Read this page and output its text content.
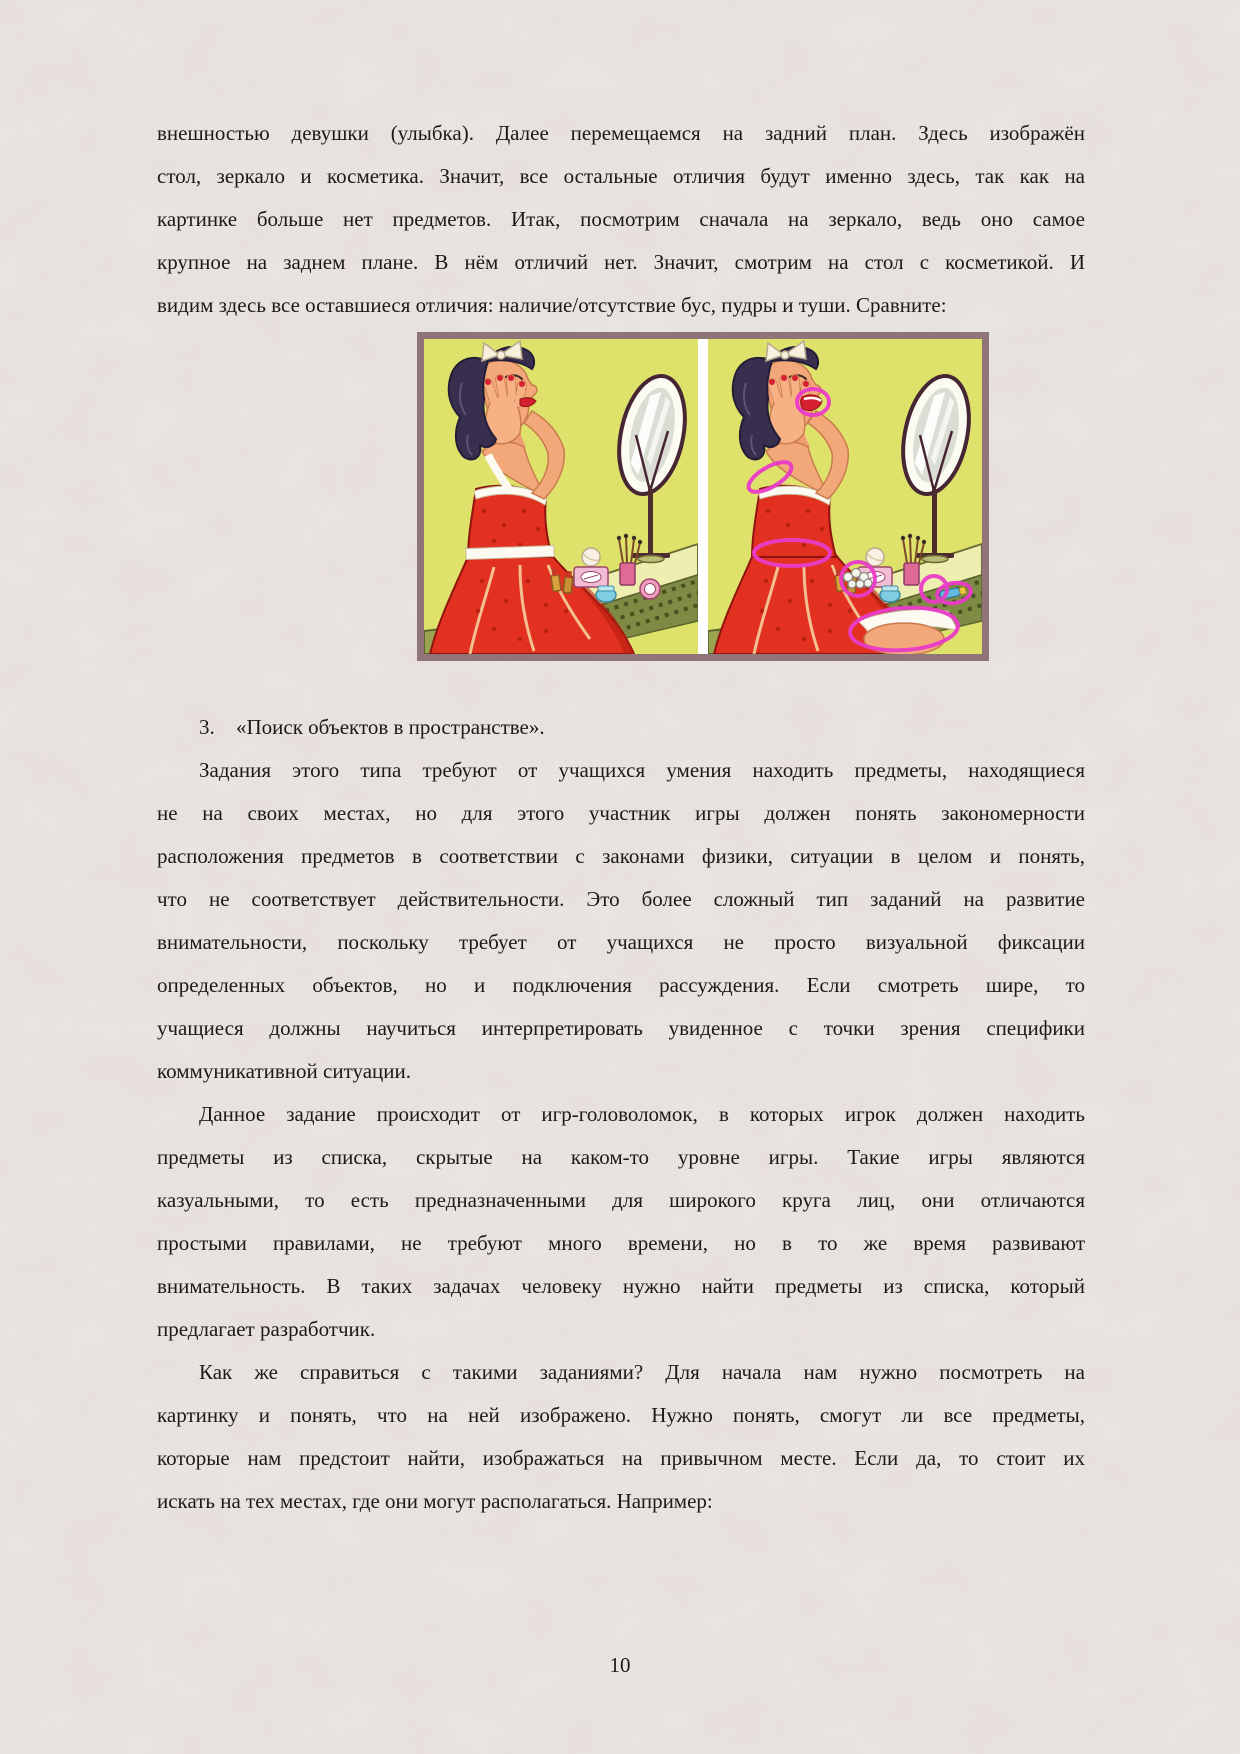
внешностью девушки (улыбка). Далее перемещаемся на задний план. Здесь изображён
стол, зеркало и косметика. Значит, все остальные отличия будут именно здесь, так как на
картинке больше нет предметов. Итак, посмотрим сначала на зеркало, ведь оно самое
крупное на заднем плане. В нём отличий нет. Значит, смотрим на стол с косметикой. И
видим здесь все оставшиеся отличия: наличие/отсутствие бус, пудры и туши. Сравните:
3. «Поиск объектов в пространстве».
Задания этого типа требуют от учащихся умения находить предметы, находящиеся
не на своих местах, но для этого участник игры должен понять закономерности
расположения предметов в соответствии с законами физики, ситуации в целом и понять,
что не соответствует действительности. Это более сложный тип заданий на развитие
внимательности, поскольку требует от учащихся не просто визуальной фиксации
определенных объектов, но и подключения рассуждения. Если смотреть шире, то
учащиеся должны научиться интерпретировать увиденное с точки зрения специфики
коммуникативной ситуации.
Данное задание происходит от игр-головоломок, в которых игрок должен находить
предметы из списка, скрытые на каком-то уровне игры. Такие игры являются
казуальными, то есть предназначенными для широкого круга лиц, они отличаются
простыми правилами, не требуют много времени, но в то же время развивают
внимательность. В таких задачах человеку нужно найти предметы из списка, который
предлагает разработчик.
Как же справиться с такими заданиями? Для начала нам нужно посмотреть на
картинку и понять, что на ней изображено. Нужно понять, смогут ли все предметы,
которые нам предстоит найти, изображаться на привычном месте. Если да, то стоит их
искать на тех местах, где они могут располагаться. Например:
10
